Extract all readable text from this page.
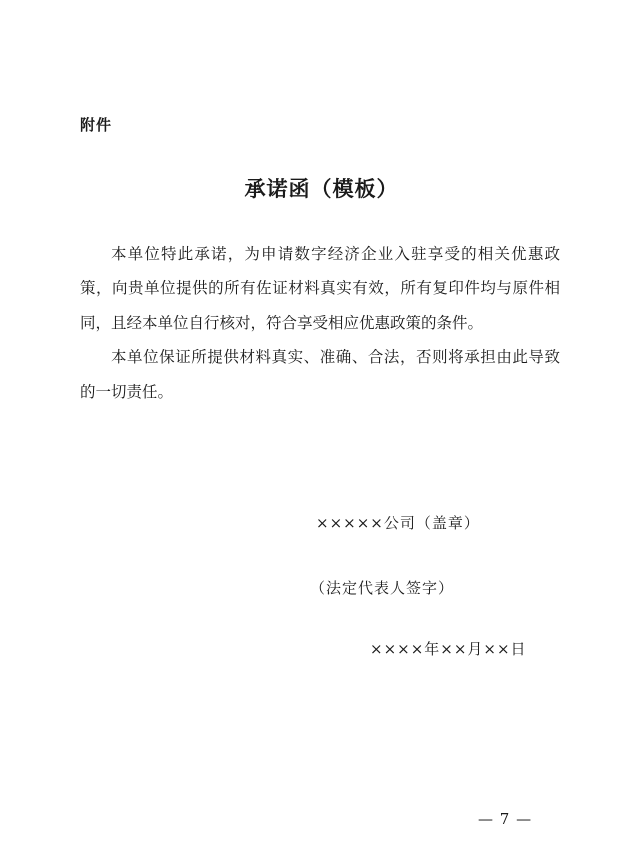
附件
承诺函（模板）

本单位特此承诺，为申请数字经济企业入驻享受的相关优惠政策，向贵单位提供的所有佐证材料真实有效，所有复印件均与原件相同，且经本单位自行核对，符合享受相应优惠政策的条件。

本单位保证所提供材料真实、准确、合法，否则将承担由此导致的一切责任。

×××××公司（盖章）
（法定代表人签字）
××××年××月××日
— 7 —
